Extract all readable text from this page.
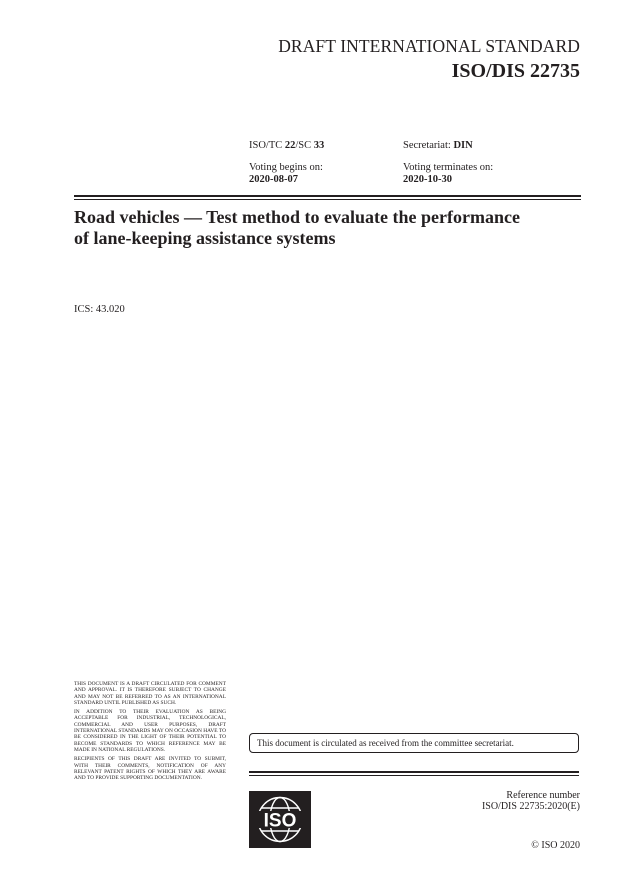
DRAFT INTERNATIONAL STANDARD
ISO/DIS 22735
ISO/TC 22/SC 33	Secretariat: DIN
Voting begins on:
2020-08-07
Voting terminates on:
2020-10-30
Road vehicles — Test method to evaluate the performance
of lane-keeping assistance systems
ICS: 43.020

THIS DOCUMENT IS A DRAFT CIRCULATED FOR COMMENT AND APPROVAL. IT IS THEREFORE SUBJECT TO CHANGE AND MAY NOT BE REFERRED TO AS AN INTERNATIONAL STANDARD UNTIL PUBLISHED AS SUCH.

IN ADDITION TO THEIR EVALUATION AS BEING ACCEPTABLE FOR INDUSTRIAL, TECHNOLOGICAL, COMMERCIAL AND USER PURPOSES, DRAFT INTERNATIONAL STANDARDS MAY ON OCCASION HAVE TO BE CONSIDERED IN THE LIGHT OF THEIR POTENTIAL TO BECOME STANDARDS TO WHICH REFERENCE MAY BE MADE IN NATIONAL REGULATIONS.

RECIPIENTS OF THIS DRAFT ARE INVITED TO SUBMIT, WITH THEIR COMMENTS, NOTIFICATION OF ANY RELEVANT PATENT RIGHTS OF WHICH THEY ARE AWARE AND TO PROVIDE SUPPORTING DOCUMENTATION.

This document is circulated as received from the committee secretariat.
ISO
Reference number
ISO/DIS 22735:2020(E)
© ISO 2020
